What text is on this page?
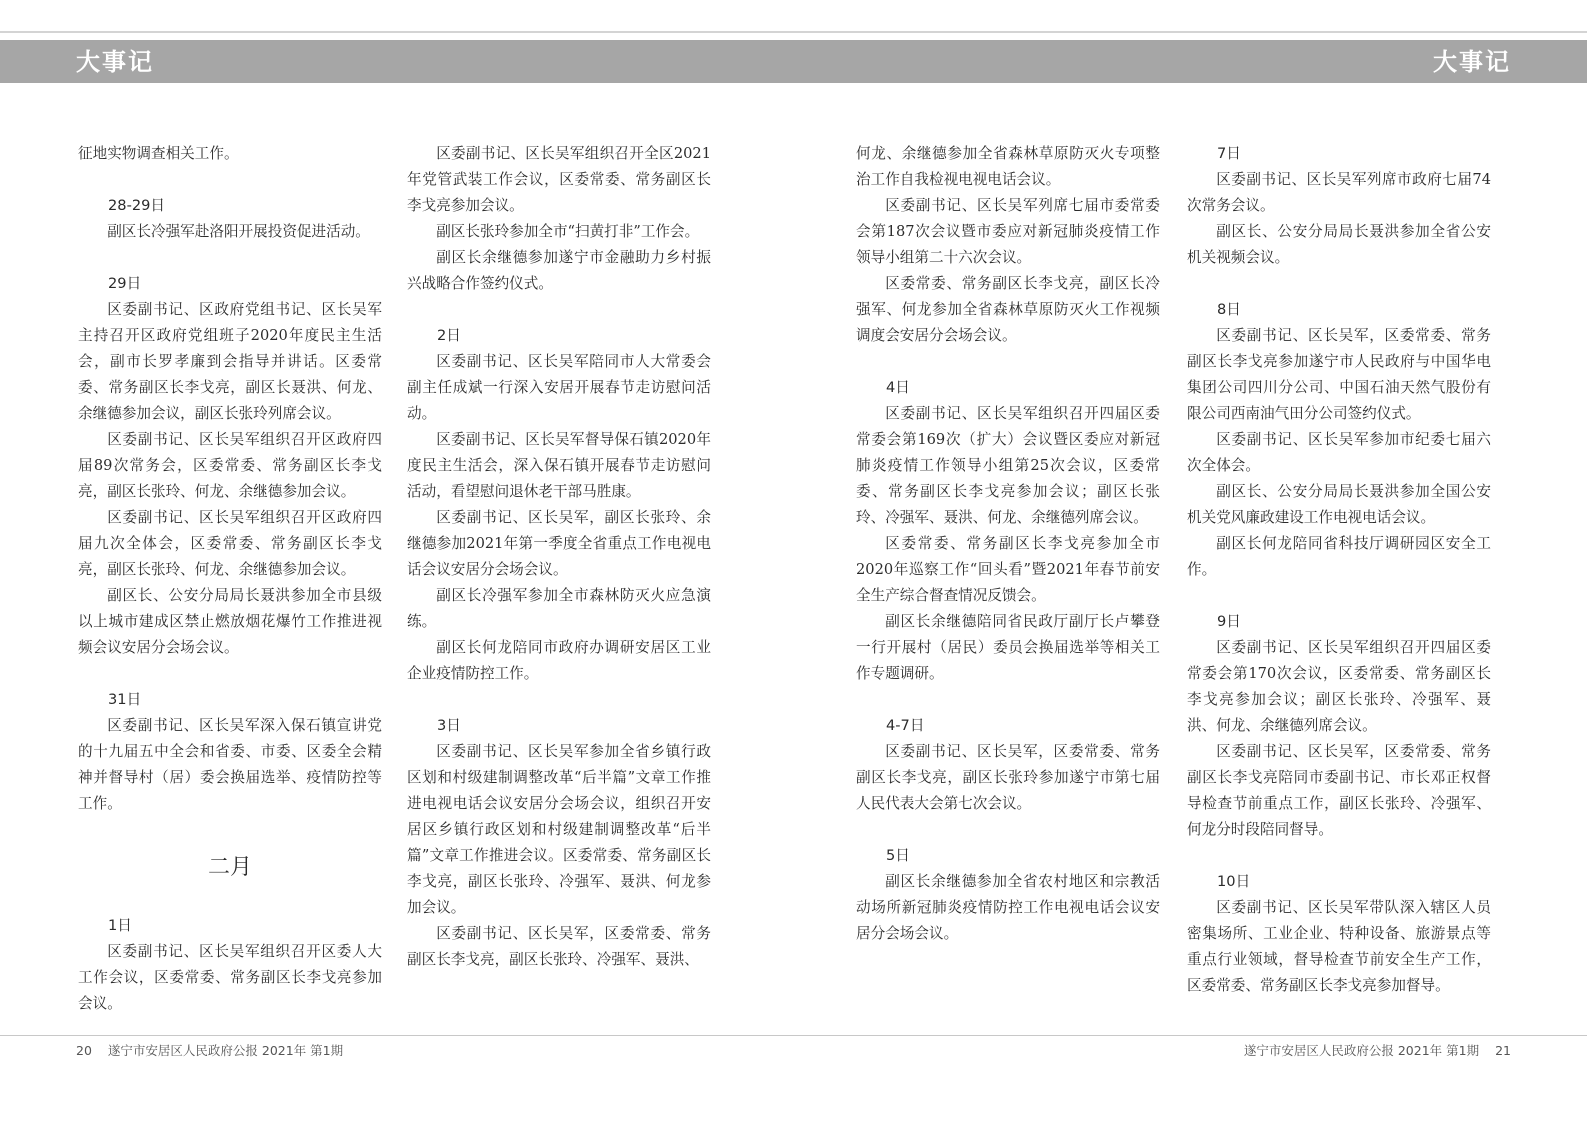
大事记	大事记

征地实物调查相关工作。

28-29日

副区长冷强军赴洛阳开展投资促进活动。

29日

区委副书记、区政府党组书记、区长吴军主持召开区政府党组班子2020年度民主生活会，副市长罗孝廉到会指导并讲话。区委常委、常务副区长李戈亮，副区长聂洪、何龙、余继德参加会议，副区长张玲列席会议。

区委副书记、区长吴军组织召开区政府四届89次常务会，区委常委、常务副区长李戈亮，副区长张玲、何龙、余继德参加会议。

区委副书记、区长吴军组织召开区政府四届九次全体会，区委常委、常务副区长李戈亮，副区长张玲、何龙、余继德参加会议。

副区长、公安分局局长聂洪参加全市县级以上城市建成区禁止燃放烟花爆竹工作推进视频会议安居分会场会议。

31日

区委副书记、区长吴军深入保石镇宣讲党的十九届五中全会和省委、市委、区委全会精神并督导村（居）委会换届选举、疫情防控等工作。

二月
1日

区委副书记、区长吴军组织召开区委人大工作会议，区委常委、常务副区长李戈亮参加会议。

区委副书记、区长吴军组织召开全区2021年党管武装工作会议，区委常委、常务副区长李戈亮参加会议。

副区长张玲参加全市“扫黄打非”工作会。

副区长余继德参加遂宁市金融助力乡村振兴战略合作签约仪式。

2日

区委副书记、区长吴军陪同市人大常委会副主任成斌一行深入安居开展春节走访慰问活动。

区委副书记、区长吴军督导保石镇2020年度民主生活会，深入保石镇开展春节走访慰问活动，看望慰问退休老干部马胜康。

区委副书记、区长吴军，副区长张玲、余继德参加2021年第一季度全省重点工作电视电话会议安居分会场会议。

副区长冷强军参加全市森林防灭火应急演练。

副区长何龙陪同市政府办调研安居区工业企业疫情防控工作。

3日

区委副书记、区长吴军参加全省乡镇行政区划和村级建制调整改革“后半篇”文章工作推进电视电话会议安居分会场会议，组织召开安居区乡镇行政区划和村级建制调整改革“后半篇”文章工作推进会议。区委常委、常务副区长李戈亮，副区长张玲、冷强军、聂洪、何龙参加会议。

区委副书记、区长吴军，区委常委、常务副区长李戈亮，副区长张玲、冷强军、聂洪、

何龙、余继德参加全省森林草原防灭火专项整治工作自我检视电视电话会议。

区委副书记、区长吴军列席七届市委常委会第187次会议暨市委应对新冠肺炎疫情工作领导小组第二十六次会议。

区委常委、常务副区长李戈亮，副区长冷强军、何龙参加全省森林草原防灭火工作视频调度会安居分会场会议。

4日

区委副书记、区长吴军组织召开四届区委常委会第169次（扩大）会议暨区委应对新冠肺炎疫情工作领导小组第25次会议，区委常委、常务副区长李戈亮参加会议；副区长张玲、冷强军、聂洪、何龙、余继德列席会议。

区委常委、常务副区长李戈亮参加全市2020年巡察工作“回头看”暨2021年春节前安全生产综合督查情况反馈会。

副区长余继德陪同省民政厅副厅长卢攀登一行开展村（居民）委员会换届选举等相关工作专题调研。

4-7日

区委副书记、区长吴军，区委常委、常务副区长李戈亮，副区长张玲参加遂宁市第七届人民代表大会第七次会议。

5日

副区长余继德参加全省农村地区和宗教活动场所新冠肺炎疫情防控工作电视电话会议安居分会场会议。

7日

区委副书记、区长吴军列席市政府七届74次常务会议。

副区长、公安分局局长聂洪参加全省公安机关视频会议。

8日

区委副书记、区长吴军，区委常委、常务副区长李戈亮参加遂宁市人民政府与中国华电集团公司四川分公司、中国石油天然气股份有限公司西南油气田分公司签约仪式。

区委副书记、区长吴军参加市纪委七届六次全体会。

副区长、公安分局局长聂洪参加全国公安机关党风廉政建设工作电视电话会议。

副区长何龙陪同省科技厅调研园区安全工作。

9日

区委副书记、区长吴军组织召开四届区委常委会第170次会议，区委常委、常务副区长李戈亮参加会议；副区长张玲、冷强军、聂洪、何龙、余继德列席会议。

区委副书记、区长吴军，区委常委、常务副区长李戈亮陪同市委副书记、市长邓正权督导检查节前重点工作，副区长张玲、冷强军、何龙分时段陪同督导。

10日

区委副书记、区长吴军带队深入辖区人员密集场所、工业企业、特种设备、旅游景点等重点行业领域，督导检查节前安全生产工作，区委常委、常务副区长李戈亮参加督导。

20 遂宁市安居区人民政府公报 2021年 第1期	遂宁市安居区人民政府公报 2021年 第1期 21
